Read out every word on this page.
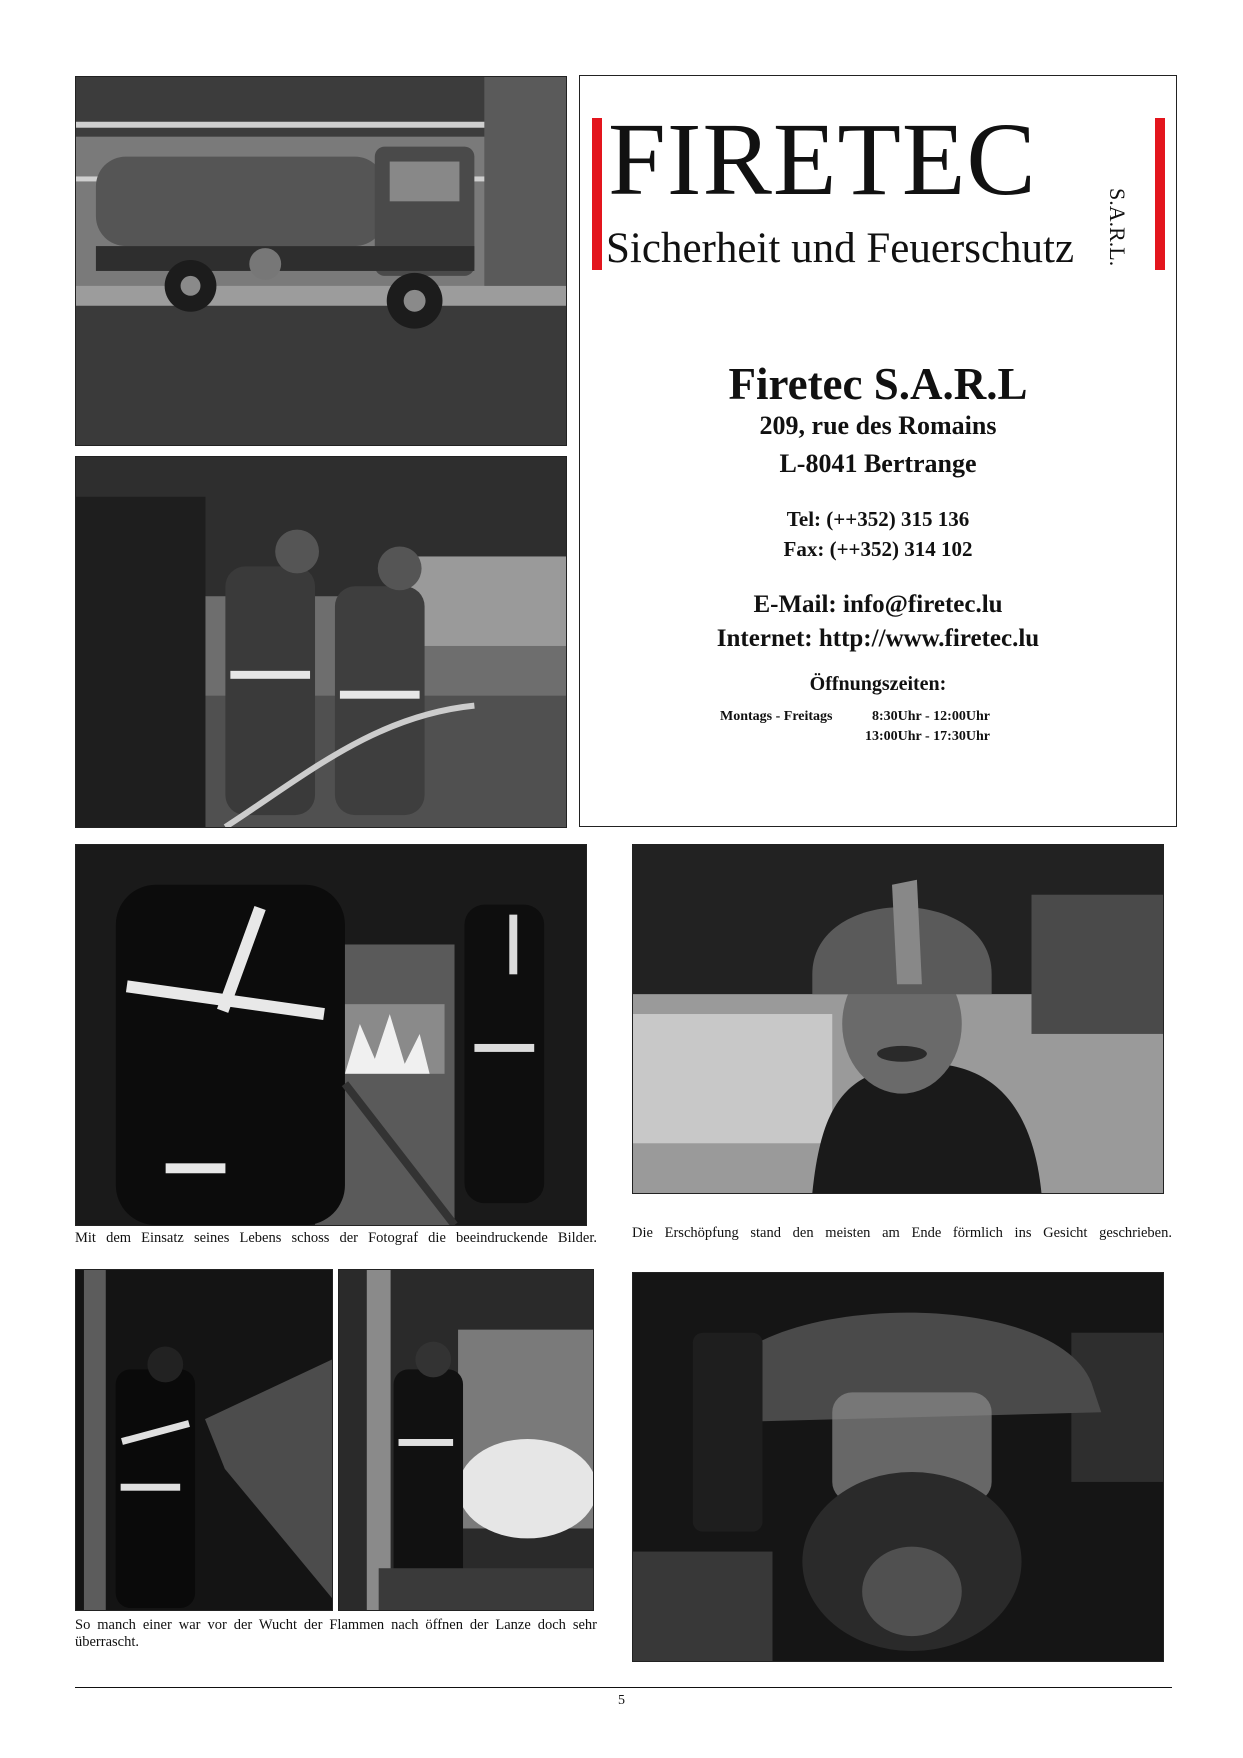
FIRETEC
S.A.R.L.
Sicherheit und Feuerschutz
Firetec S.A.R.L
209, rue des Romains
L-8041 Bertrange
Tel: (++352) 315 136
Fax: (++352) 314 102
E-Mail: info@firetec.lu
Internet: http://www.firetec.lu
Öffnungszeiten:
Montags - Freitags	8:30Uhr - 12:00Uhr
13:00Uhr - 17:30Uhr
Mit dem Einsatz seines Lebens schoss der Fotograf die beeindruckende Bilder. Die Erschöpfung stand den meisten am Ende förmlich ins Gesicht geschrieben.
So manch einer war vor der Wucht der Flammen nach öffnen der Lanze doch sehr überrascht.
5
